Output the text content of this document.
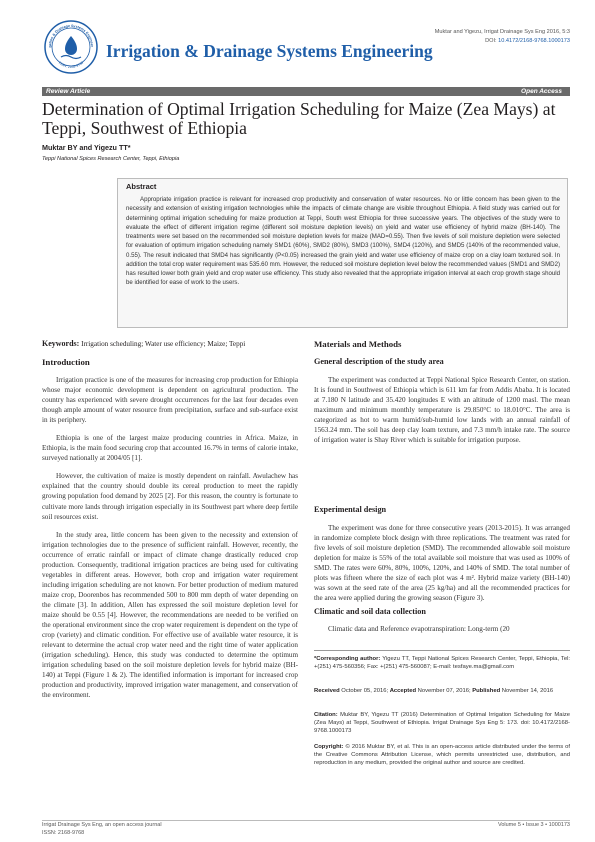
gation & Drainage Systems Engineer
ISSN: 2168-9768
Irrigation & Drainage Systems Engineering
Muktar and Yigezu, Irrigat Drainage Sys Eng 2016, 5:3
DOI: 10.4172/2168-9768.1000173
Review Article	Open Access
Determination of Optimal Irrigation Scheduling for Maize (Zea Mays) at Teppi, Southwest of Ethiopia
Muktar BY and Yigezu TT*
Teppi National Spices Research Center, Teppi, Ethiopia
Abstract
Appropriate irrigation practice is relevant for increased crop productivity and conservation of water resources. No or little concern has been given to the necessity and extension of existing irrigation technologies while the impacts of climate change are visible throughout Ethiopia. A field study was carried out for determining optimal irrigation scheduling for maize production at Teppi, South west Ethiopia for three successive years. The objectives of the study were to evaluate the effect of different irrigation regime (different soil moisture depletion levels) on yield and water use efficiency of hybrid maize (BH-140). The treatments were set based on the recommended soil moisture depletion levels for maize (MAD=0.55). Then five levels of soil moisture depletion were selected for evaluation of optimum irrigation scheduling namely SMD1 (60%), SMD2 (80%), SMD3 (100%), SMD4 (120%), and SMD5 (140% of the recommended value, 0.55). The result indicated that SMD4 has significantly (P<0.05) increased the grain yield and water use efficiency of maize crop on a clay loam textured soil. In addition the total crop water requirement was 535.60 mm. However, the reduced soil moisture depletion level below the recommended values (SMD1 and SMD2) has resulted lower both grain yield and crop water use efficiency. This study also revealed that the appropriate irrigation interval at each crop growth stage should be identified for ease of work to the users.
Keywords: Irrigation scheduling; Water use efficiency; Maize; Teppi
Introduction

Irrigation practice is one of the measures for increasing crop production for Ethiopia whose major economic development is dependent on agricultural production. The country has experienced with severe drought occurrences for the last four decades even though ample amount of water resource from precipitation, surface and sub-surface exist in its periphery.

Ethiopia is one of the largest maize producing countries in Africa. Maize, in Ethiopia, is the main food securing crop that accounted 16.7% in terms of calorie intake, surveyed nationally at 2004/05 [1].

However, the cultivation of maize is mostly dependent on rainfall. Awulachew has explained that the country should double its cereal production to meet the rapidly growing population food demand by 2025 [2]. For this reason, the country is fortunate to cultivate more lands through irrigation especially in its Southwest part where deep fertile soil resources exist.

In the study area, little concern has been given to the necessity and extension of irrigation technologies due to the presence of sufficient rainfall. However, recently, the occurrence of erratic rainfall or impact of climate change drastically reduced crop production. Consequently, traditional irrigation practices are being used for cultivating vegetables in different areas. However, both crop and irrigation water requirement including irrigation scheduling are not known. For better production of medium matured maize crop, Doorenbos has recommended 500 to 800 mm depth of water depending on the climate [3]. In addition, Allen has expressed the soil moisture depletion level for maize should be 0.55 [4]. However, the recommendations are needed to be verified on the operational environment since the crop water requirement is dependent on the type of crop (variety) and climatic condition. For effective use of available water resource, it is relevant to determine the actual crop water need and the right time of water application (irrigation scheduling). Hence, this study was conducted to determine the optimum irrigation scheduling based on the soil moisture depletion levels for hybrid maize (BH-140) at Teppi (Figure 1 & 2). The identified information is important for increased crop production and productivity, improved irrigation water management, and conservation of the environment.

Materials and Methods
General description of the study area

The experiment was conducted at Teppi National Spice Research Center, on station. It is found in Southwest of Ethiopia which is 611 km far from Addis Ababa. It is located at 7.180 N latitude and 35.420 longitudes E with an altitude of 1200 masl. The mean maximum and minimum monthly temperature is 29.850°C to 18.010°C. The area is categorized as hot to warm humid/sub-humid low lands with an annual rainfall of 1563.24 mm. The soil has deep clay loam texture, and 7.3 mm/h intake rate. The source of irrigation water is Shay River which is suitable for irrigation purpose.

Experimental design

The experiment was done for three consecutive years (2013-2015). It was arranged in randomize complete block design with three replications. The treatment was rated for five levels of soil moisture depletion (SMD). The recommended allowable soil moisture depletion for maize is 55% of the total available soil moisture that was used as 100% of SMD. The rates were 60%, 80%, 100%, 120%, and 140% of SMD. The total number of plots was fifteen where the size of each plot was 4 m². Hybrid maize variety (BH-140) was sown at the seed rate of the area (25 kg/ha) and all the recommended practices for the area were applied during the growing season (Figure 3).

Climatic and soil data collection

Climatic data and Reference evapotranspiration: Long-term (20

*Corresponding author: Yigezu TT, Teppi National Spices Research Center, Teppi, Ethiopia, Tel: +(251) 475-560356; Fax: +(251) 475-560087; E-mail: tesfaye.ma@gmail.com
Received October 05, 2016; Accepted November 07, 2016; Published November 14, 2016
Citation: Muktar BY, Yigezu TT (2016) Determination of Optimal Irrigation Scheduling for Maize (Zea Mays) at Teppi, Southwest of Ethiopia. Irrigat Drainage Sys Eng 5: 173. doi: 10.4172/2168-9768.1000173
Copyright: © 2016 Muktar BY, et al. This is an open-access article distributed under the terms of the Creative Commons Attribution License, which permits unrestricted use, distribution, and reproduction in any medium, provided the original author and source are credited.
Irrigat Drainage Sys Eng, an open access journal
ISSN: 2168-9768
Volume 5 • Issue 3 • 1000173
